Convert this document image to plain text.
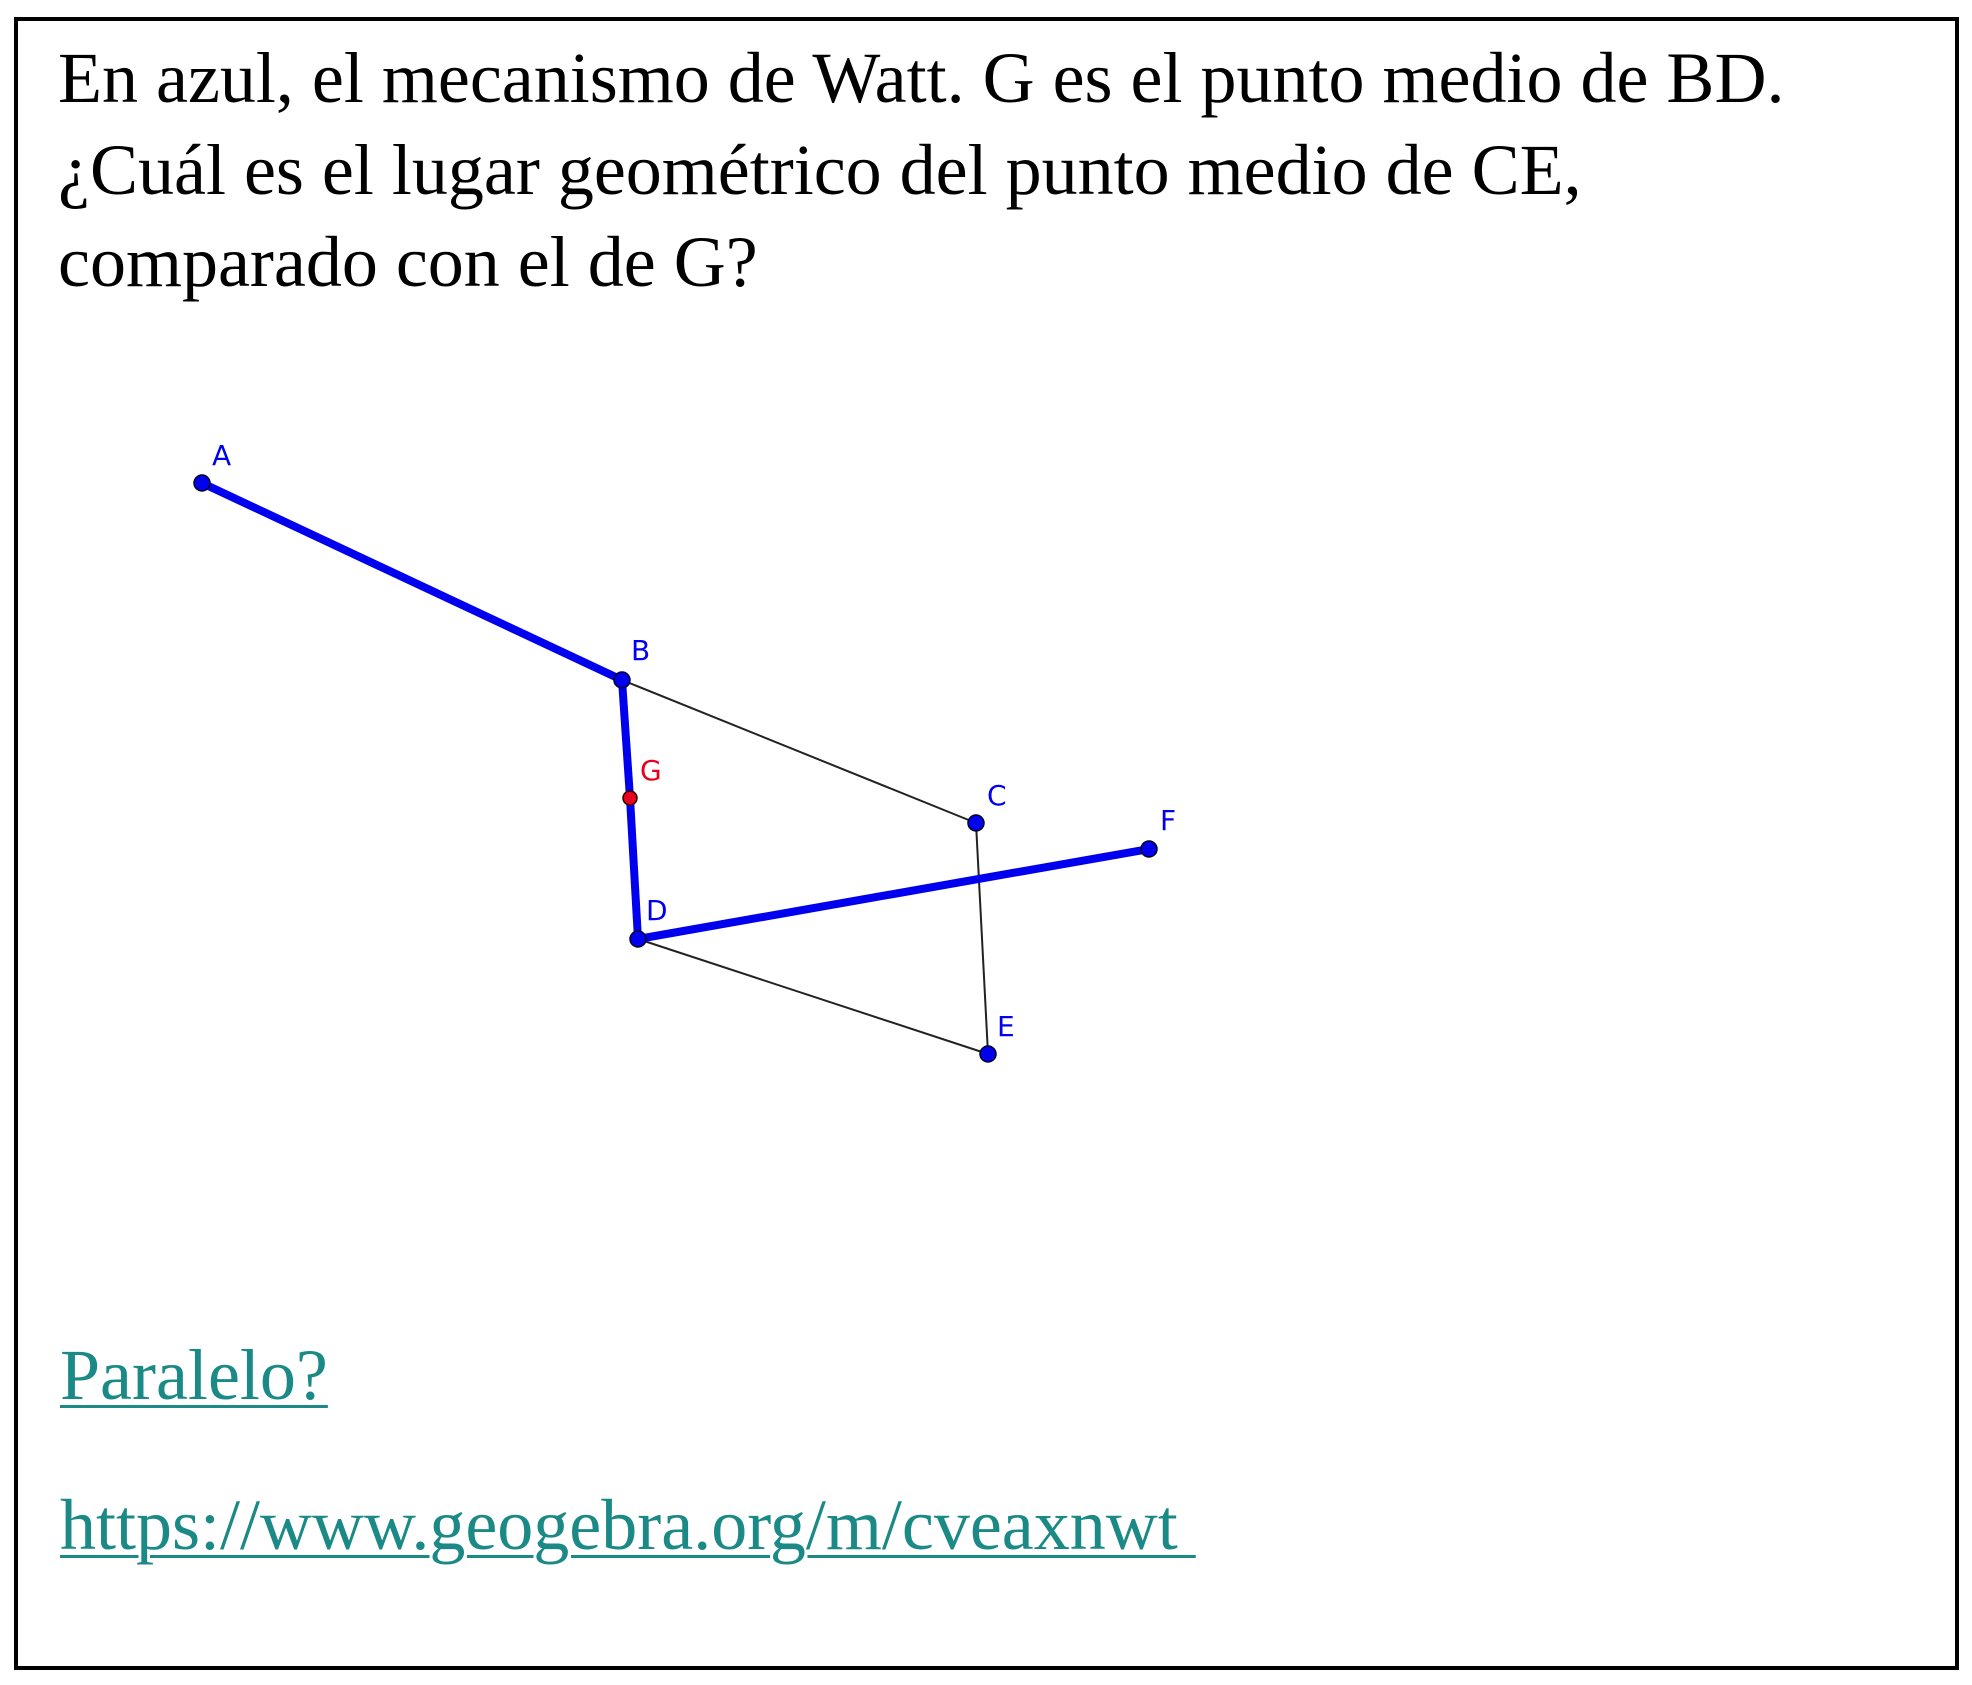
En azul, el mecanismo de Watt. G es el punto medio de BD.
¿Cuál es el lugar geométrico del punto medio de CE,
comparado con el de G?

A
B
G
C
F
D
E
Paralelo?
https://www.geogebra.org/m/cveaxnwt
